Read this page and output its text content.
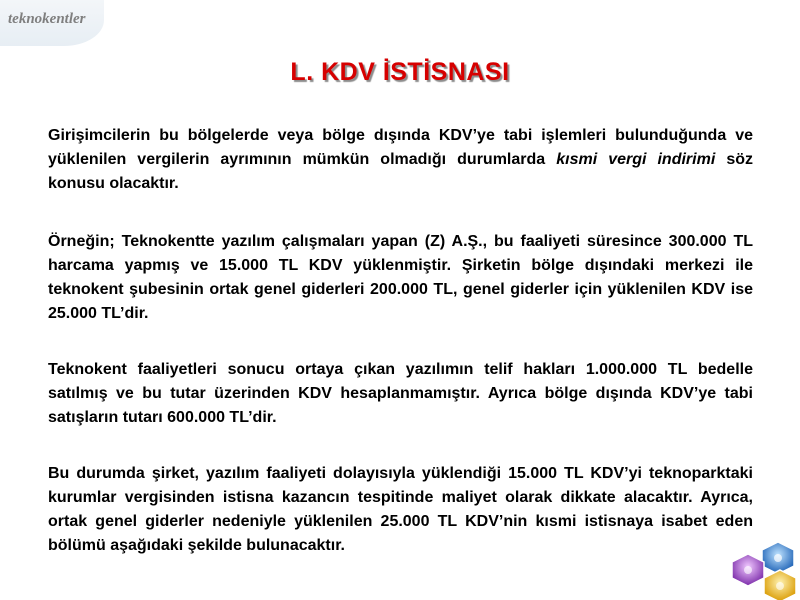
teknokentler
L. KDV İSTİSNASI

Girişimcilerin bu bölgelerde veya bölge dışında KDV’ye tabi işlemleri bulunduğunda ve yüklenilen vergilerin ayrımının mümkün olmadığı durumlarda kısmi vergi indirimi söz konusu olacaktır.

Örneğin; Teknokentte yazılım çalışmaları yapan (Z) A.Ş., bu faaliyeti süresince 300.000 TL harcama yapmış ve 15.000 TL KDV yüklenmiştir. Şirketin bölge dışındaki merkezi ile teknokent şubesinin ortak genel giderleri 200.000 TL, genel giderler için yüklenilen KDV ise 25.000 TL’dir.

Teknokent faaliyetleri sonucu ortaya çıkan yazılımın telif hakları 1.000.000 TL bedelle satılmış ve bu tutar üzerinden KDV hesaplanmamıştır. Ayrıca bölge dışında KDV’ye tabi satışların tutarı 600.000 TL’dir.

Bu durumda şirket, yazılım faaliyeti dolayısıyla yüklendiği 15.000 TL KDV’yi teknoparktaki kurumlar vergisinden istisna kazancın tespitinde maliyet olarak dikkate alacaktır. Ayrıca, ortak genel giderler nedeniyle yüklenilen 25.000 TL KDV’nin kısmi istisnaya isabet eden bölümü aşağıdaki şekilde bulunacaktır.
